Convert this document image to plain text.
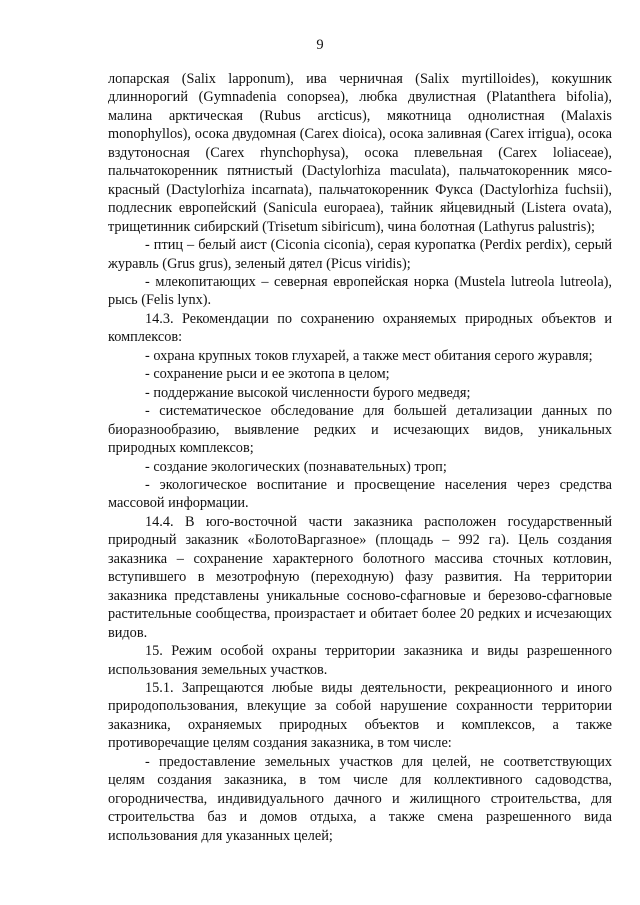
9

лопарская (Salix lapponum), ива черничная (Salix myrtilloides), кокушник длиннорогий (Gymnadenia conopsea), любка двулистная (Platanthera bifolia), малина арктическая (Rubus arcticus), мякотница однолистная (Malaxis monophyllos), осока двудомная (Carex dioica), осока заливная (Carex irrigua), осока вздутоносная (Carex rhynchophysa), осока плевельная (Carex loliaceae), пальчатокоренник пятнистый (Dactylorhiza maculata), пальчатокоренник мясо-красный (Dactylorhiza incarnata), пальчатокоренник Фукса (Dactylorhiza fuchsii), подлесник европейский (Sanicula europaea), тайник яйцевидный (Listera ovata), трищетинник сибирский (Trisetum sibiricum), чина болотная (Lathyrus palustris);

- птиц – белый аист (Ciconia ciconia), серая куропатка (Perdix perdix), серый журавль (Grus grus), зеленый дятел (Picus viridis);

- млекопитающих – северная европейская норка (Mustela lutreola lutreola), рысь (Felis lynx).

14.3. Рекомендации по сохранению охраняемых природных объектов и комплексов:

- охрана крупных токов глухарей, а также мест обитания серого журавля;

- сохранение рыси и ее экотопа в целом;

- поддержание высокой численности бурого медведя;

- систематическое обследование для большей детализации данных по биоразнообразию, выявление редких и исчезающих видов, уникальных природных комплексов;

- создание экологических (познавательных) троп;

- экологическое воспитание и просвещение населения через средства массовой информации.

14.4. В юго-восточной части заказника расположен государственный природный заказник «БолотоВаргазное» (площадь – 992 га). Цель создания заказника – сохранение характерного болотного массива сточных котловин, вступившего в мезотрофную (переходную) фазу развития. На территории заказника представлены уникальные сосново-сфагновые и березово-сфагновые растительные сообщества, произрастает и обитает более 20 редких и исчезающих видов.

15. Режим особой охраны территории заказника и виды разрешенного использования земельных участков.

15.1. Запрещаются любые виды деятельности, рекреационного и иного природопользования, влекущие за собой нарушение сохранности территории заказника, охраняемых природных объектов и комплексов, а также противоречащие целям создания заказника, в том числе:

- предоставление земельных участков для целей, не соответствующих целям создания заказника, в том числе для коллективного садоводства, огородничества, индивидуального дачного и жилищного строительства, для строительства баз и домов отдыха, а также смена разрешенного вида использования для указанных целей;
